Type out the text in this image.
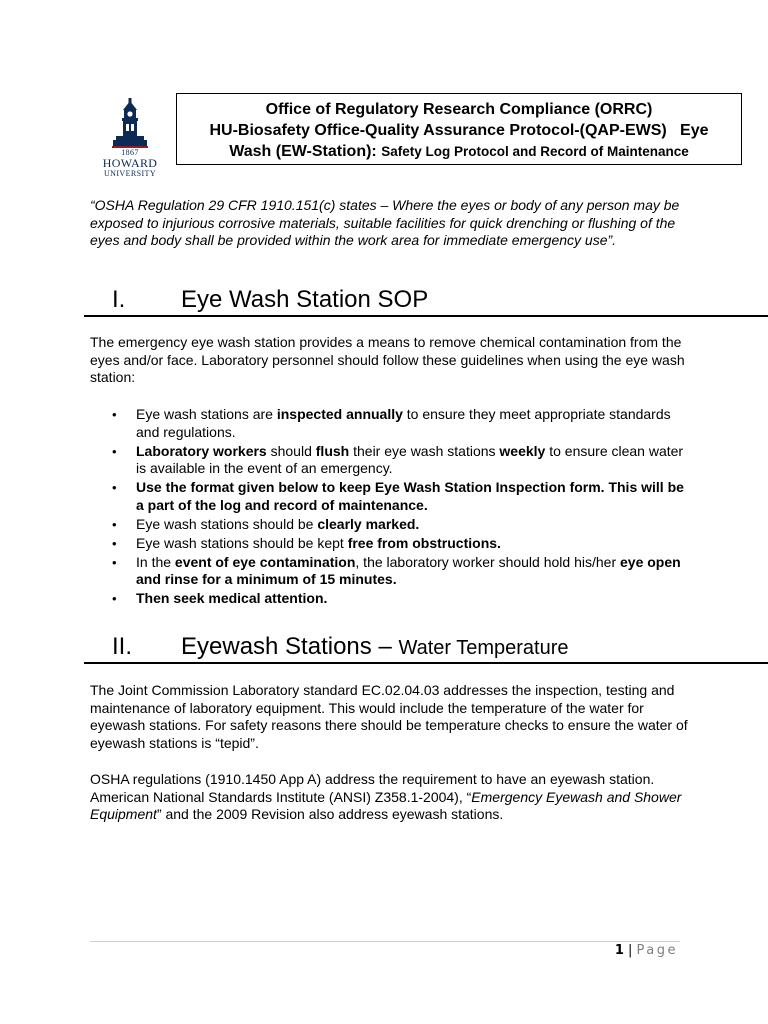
1867
HOWARD
UNIVERSITY
Office of Regulatory Research Compliance (ORRC)
HU-Biosafety Office-Quality Assurance Protocol-(QAP-EWS)   Eye
Wash (EW-Station): Safety Log Protocol and Record of Maintenance
“OSHA Regulation 29 CFR 1910.151(c) states – Where the eyes or body of any person may be exposed to injurious corrosive materials, suitable facilities for quick drenching or flushing of the eyes and body shall be provided within the work area for immediate emergency use”.
I. Eye Wash Station SOP
The emergency eye wash station provides a means to remove chemical contamination from the eyes and/or face. Laboratory personnel should follow these guidelines when using the eye wash station:
• Eye wash stations are inspected annually to ensure they meet appropriate standards and regulations.
• Laboratory workers should flush their eye wash stations weekly to ensure clean water is available in the event of an emergency.
• Use the format given below to keep Eye Wash Station Inspection form. This will be a part of the log and record of maintenance.
• Eye wash stations should be clearly marked.
• Eye wash stations should be kept free from obstructions.
• In the event of eye contamination, the laboratory worker should hold his/her eye open and rinse for a minimum of 15 minutes.
• Then seek medical attention.
II. Eyewash Stations – Water Temperature
The Joint Commission Laboratory standard EC.02.04.03 addresses the inspection, testing and maintenance of laboratory equipment. This would include the temperature of the water for eyewash stations. For safety reasons there should be temperature checks to ensure the water of eyewash stations is “tepid”.
OSHA regulations (1910.1450 App A) address the requirement to have an eyewash station. American National Standards Institute (ANSI) Z358.1-2004), “Emergency Eyewash and Shower Equipment” and the 2009 Revision also address eyewash stations.
1 | Page
